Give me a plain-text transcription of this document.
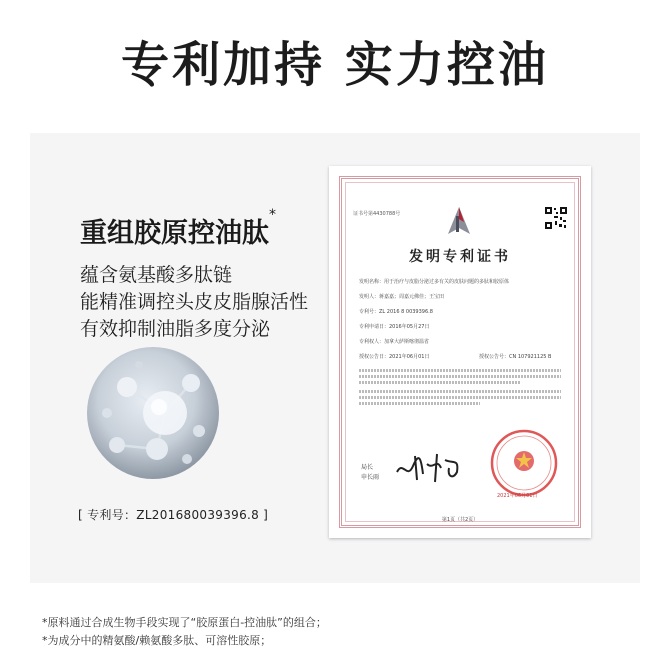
专利加持 实力控油
重组胶原控油肽*
蕴含氨基酸多肽链
能精准调控头皮皮脂腺活性
有效抑制油脂多度分泌
[ 专利号：ZL201680039396.8 ]
证书号第4430788号
发明专利证书
发明名称：用于治疗与皮脂分泌过多有关的皮肤问题的多肽和胶原体
发明人：蒋嘉嘉；周嘉元佛佳；王宝田
专利号：ZL 2016 8 0039396.8
专利申请日：2016年05月27日
专利权人：加拿大萨斯喀彻温省
授权公告日：2021年06月01日	授权公告号：CN 107921125 B
局长
申长雨
2021年06月01日
第1页（共2页）
*原料通过合成生物手段实现了“胶原蛋白-控油肽”的组合；
*为成分中的精氨酸/赖氨酸多肽、可溶性胶原；
